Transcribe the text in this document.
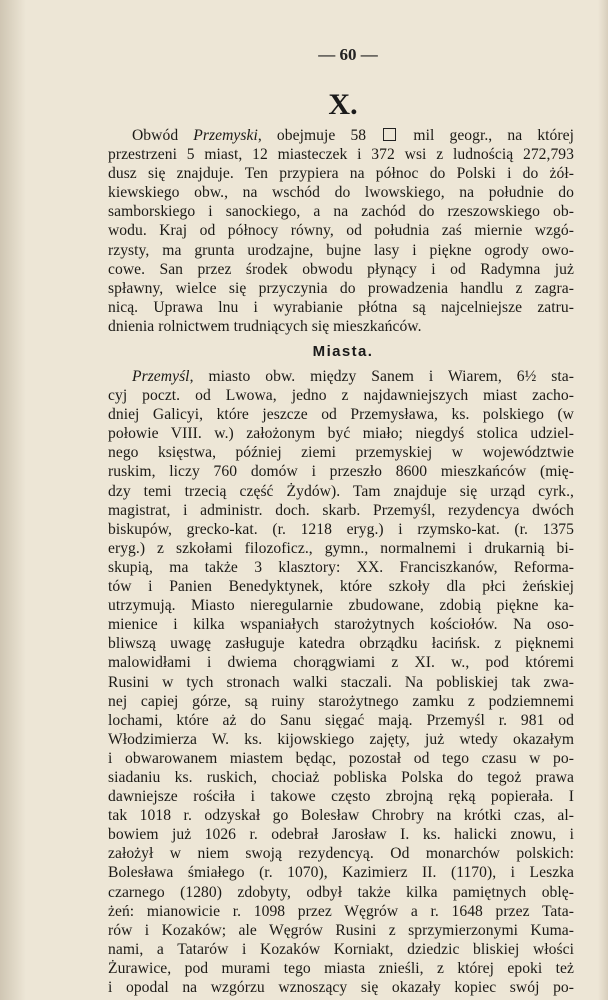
— 60 —
X.
Obwód Przemyski, obejmuje 58  mil geogr., na której
przestrzeni 5 miast, 12 miasteczek i 372 wsi z ludnością 272,793
dusz się znajduje. Ten przypiera na północ do Polski i do żół-
kiewskiego obw., na wschód do lwowskiego, na południe do
samborskiego i sanockiego, a na zachód do rzeszowskiego ob-
wodu. Kraj od północy równy, od południa zaś miernie wzgó-
rzysty, ma grunta urodzajne, bujne lasy i piękne ogrody owo-
cowe. San przez środek obwodu płynący i od Radymna już
spławny, wielce się przyczynia do prowadzenia handlu z zagra-
nicą. Uprawa lnu i wyrabianie płótna są najcelniejsze zatru-
dnienia rolnictwem trudniących się mieszkańców.
Miasta.
Przemyśl, miasto obw. między Sanem i Wiarem, 6½ sta-
cyj poczt. od Lwowa, jedno z najdawniejszych miast zacho-
dniej Galicyi, które jeszcze od Przemysława, ks. polskiego (w
połowie VIII. w.) założonym być miało; niegdyś stolica udziel-
nego księstwa, później ziemi przemyskiej w województwie
ruskim, liczy 760 domów i przeszło 8600 mieszkańców (mię-
dzy temi trzecią część Żydów). Tam znajduje się urząd cyrk.,
magistrat, i administr. doch. skarb. Przemyśl, rezydencya dwóch
biskupów, grecko-kat. (r. 1218 eryg.) i rzymsko-kat. (r. 1375
eryg.) z szkołami filozoficz., gymn., normalnemi i drukarnią bi-
skupią, ma także 3 klasztory: XX. Franciszkanów, Reformа-
tów i Panien Benedyktynek, które szkoły dla płci żeńskiej
utrzymują. Miasto nieregularnie zbudowane, zdobią piękne ka-
mienice i kilka wspaniałych starożytnych kościołów. Na oso-
bliwszą uwagę zasługuje katedra obrządku łacińsk. z pięknemi
malowidłami i dwiema chorągwiami z XI. w., pod któremi
Rusini w tych stronach walki staczali. Na pobliskiej tak zwa-
nej capiej górze, są ruiny starożytnego zamku z podziemnemi
lochami, które aż do Sanu sięgać mają. Przemyśl r. 981 od
Włodzimierza W. ks. kijowskiego zajęty, już wtedy okazałym
i obwarowanem miastem będąc, pozostał od tego czasu w po-
siadaniu ks. ruskich, chociaż pobliska Polska do tegoż prawa
dawniejsze rościła i takowe często zbrojną ręką popierała. I
tak 1018 r. odzyskał go Bolesław Chrobry na krótki czas, al-
bowiem już 1026 r. odebrał Jarosław I. ks. halicki znowu, i
założył w niem swoją rezydencyą. Od monarchów polskich:
Bolesława śmiałego (r. 1070), Kazimierz II. (1170), i Leszka
czarnego (1280) zdobyty, odbył także kilka pamiętnych oblę-
żeń: mianowicie r. 1098 przez Węgrów a r. 1648 przez Tata-
rów i Kozaków; ale Węgrów Rusini z sprzymierzonymi Kuma-
nami, a Tatarów i Kozaków Korniakt, dziedzic bliskiej włości
Żurawice, pod murami tego miasta znieśli, z której epoki też
i opodal na wzgórzu wznoszący się okazały kopiec swój po-
